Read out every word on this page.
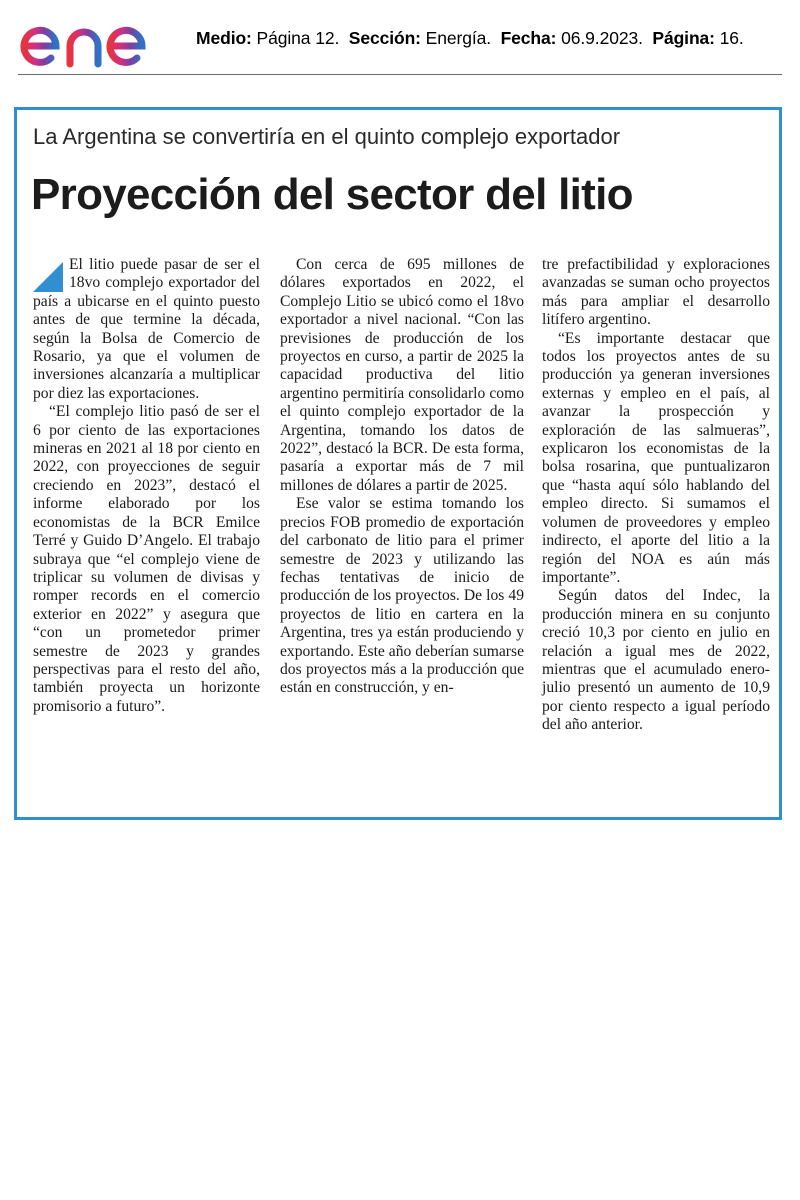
Medio: Página 12. Sección: Energía. Fecha: 06.9.2023. Página: 16.
La Argentina se convertiría en el quinto complejo exportador
Proyección del sector del litio

El litio puede pasar de ser el 18vo complejo exportador del país a ubicarse en el quinto puesto antes de que termine la década, según la Bolsa de Comercio de Rosario, ya que el volumen de inversiones alcanzaría a multiplicar por diez las exportaciones.

“El complejo litio pasó de ser el 6 por ciento de las exportaciones mineras en 2021 al 18 por ciento en 2022, con proyecciones de seguir creciendo en 2023”, destacó el informe elaborado por los economistas de la BCR Emilce Terré y Guido D’Angelo. El trabajo subraya que “el complejo viene de triplicar su volumen de divisas y romper records en el comercio exterior en 2022” y asegura que “con un prometedor primer semestre de 2023 y grandes perspectivas para el resto del año, también proyecta un horizonte promisorio a futuro”.

Con cerca de 695 millones de dólares exportados en 2022, el Complejo Litio se ubicó como el 18vo exportador a nivel nacional. “Con las previsiones de producción de los proyectos en curso, a partir de 2025 la capacidad productiva del litio argentino permitiría consolidarlo como el quinto complejo exportador de la Argentina, tomando los datos de 2022”, destacó la BCR. De esta forma, pasaría a exportar más de 7 mil millones de dólares a partir de 2025.

Ese valor se estima tomando los precios FOB promedio de exportación del carbonato de litio para el primer semestre de 2023 y utilizando las fechas tentativas de inicio de producción de los proyectos. De los 49 proyectos de litio en cartera en la Argentina, tres ya están produciendo y exportando. Este año deberían sumarse dos proyectos más a la producción que están en construcción, y en-

tre prefactibilidad y exploraciones avanzadas se suman ocho proyectos más para ampliar el desarrollo litífero argentino.

“Es importante destacar que todos los proyectos antes de su producción ya generan inversiones externas y empleo en el país, al avanzar la prospección y exploración de las salmueras”, explicaron los economistas de la bolsa rosarina, que puntualizaron que “hasta aquí sólo hablando del empleo directo. Si sumamos el volumen de proveedores y empleo indirecto, el aporte del litio a la región del NOA es aún más importante”.

Según datos del Indec, la producción minera en su conjunto creció 10,3 por ciento en julio en relación a igual mes de 2022, mientras que el acumulado enero-julio presentó un aumento de 10,9 por ciento respecto a igual período del año anterior.
